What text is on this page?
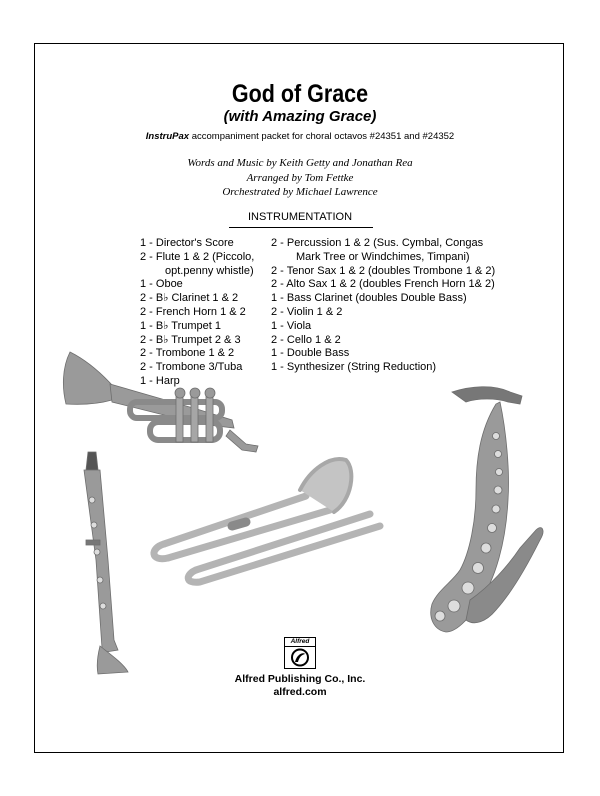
God of Grace
(with Amazing Grace)
InstruPax accompaniment packet for choral octavos #24351 and #24352
Words and Music by Keith Getty and Jonathan Rea
Arranged by Tom Fettke
Orchestrated by Michael Lawrence
INSTRUMENTATION
1 - Director's Score
2 - Flute 1 & 2 (Piccolo,
opt.penny whistle)
1 - Oboe
2 - B♭ Clarinet 1 & 2
2 - French Horn 1 & 2
1 - B♭ Trumpet 1
2 - B♭ Trumpet 2 & 3
2 - Trombone 1 & 2
2 - Trombone 3/Tuba
1 - Harp
2 - Percussion 1 & 2 (Sus. Cymbal, Congas
Mark Tree or Windchimes, Timpani)
2 - Tenor Sax 1 & 2 (doubles Trombone 1 & 2)
2 - Alto Sax 1 & 2 (doubles French Horn 1& 2)
1 - Bass Clarinet (doubles Double Bass)
2 - Violin 1 & 2
1 - Viola
2 - Cello 1 & 2
1 - Double Bass
1 - Synthesizer (String Reduction)
Alfred
Alfred Publishing Co., Inc.
alfred.com
